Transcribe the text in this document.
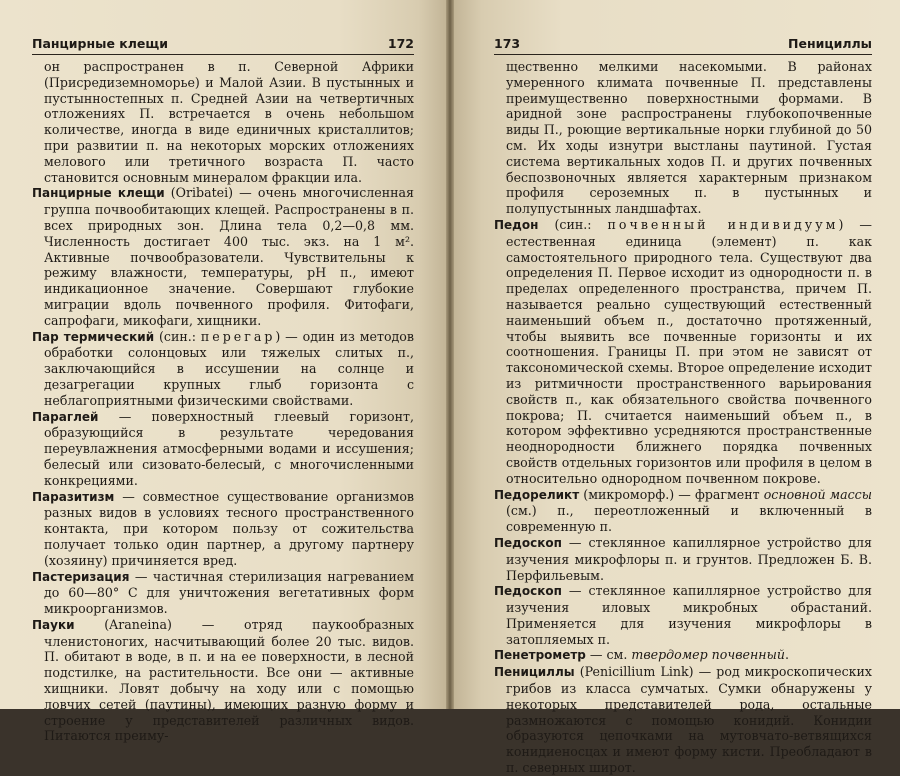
Панцирные клещи	172

он распространен в п. Северной Африки (Присредиземноморье) и Малой Азии. В пустынных и пустынностепных п. Средней Азии на четвертичных отложениях П. встречается в очень небольшом количестве, иногда в виде единичных кристаллитов; при развитии п. на некоторых морских отложениях мелового или третичного возраста П. часто становится основным минералом фракции ила.

Панцирные клещи (Oribatei) — очень многочисленная группа почвообитающих клещей. Распространены в п. всех природных зон. Длина тела 0,2—0,8 мм. Численность достигает 400 тыс. экз. на 1 м². Активные почвообразователи. Чувствительны к режиму влажности, температуры, pH п., имеют индикационное значение. Совершают глубокие миграции вдоль почвенного профиля. Фитофаги, сапрофаги, микофаги, хищники.

Пар термический (син.: перегар) — один из методов обработки солонцовых или тяжелых слитых п., заключающийся в иссушении на солнце и дезагрегации крупных глыб горизонта с неблагоприятными физическими свойствами.

Параглей — поверхностный глеевый горизонт, образующийся в результате чередования переувлажнения атмосферными водами и иссушения; белесый или сизовато-белесый, с многочисленными конкрециями.

Паразитизм — совместное существование организмов разных видов в условиях тесного пространственного контакта, при котором пользу от сожительства получает только один партнер, а другому партнеру (хозяину) причиняется вред.

Пастеризация — частичная стерилизация нагреванием до 60—80° С для уничтожения вегетативных форм микроорганизмов.

Пауки (Araneina) — отряд паукообразных членистоногих, насчитывающий более 20 тыс. видов. П. обитают в воде, в п. и на ее поверхности, в лесной подстилке, на растительности. Все они — активные хищники. Ловят добычу на ходу или с помощью ловчих сетей (паутины), имеющих разную форму и строение у представителей различных видов. Питаются преиму-

173	Пенициллы

щественно мелкими насекомыми. В районах умеренного климата почвенные П. представлены преимущественно поверхностными формами. В аридной зоне распространены глубокопочвенные виды П., роющие вертикальные норки глубиной до 50 см. Их ходы изнутри выстланы паутиной. Густая система вертикальных ходов П. и других почвенных беспозвоночных является характерным признаком профиля сероземных п. в пустынных и полупустынных ландшафтах.

Педон (син.: почвенный индивидуум) — естественная единица (элемент) п. как самостоятельного природного тела. Существуют два определения П. Первое исходит из однородности п. в пределах определенного пространства, причем П. называется реально существующий естественный наименьший объем п., достаточно протяженный, чтобы выявить все почвенные горизонты и их соотношения. Границы П. при этом не зависят от таксономической схемы. Второе определение исходит из ритмичности пространственного варьирования свойств п., как обязательного свойства почвенного покрова; П. считается наименьший объем п., в котором эффективно усредняются пространственные неоднородности ближнего порядка почвенных свойств отдельных горизонтов или профиля в целом в относительно однородном почвенном покрове.

Педореликт (микроморф.) — фрагмент основной массы (см.) п., переотложенный и включенный в современную п.

Педоскоп — стеклянное капиллярное устройство для изучения микрофлоры п. и грунтов. Предложен Б. В. Перфильевым.

Педоскоп — стеклянное капиллярное устройство для изучения иловых микробных обрастаний. Применяется для изучения микрофлоры в затопляемых п.

Пенетрометр — см. твердомер почвенный.

Пенициллы (Penicillium Link) — род микроскопических грибов из класса сумчатых. Сумки обнаружены у некоторых представителей рода, остальные размножаются с помощью конидий. Конидии образуются цепочками на мутовчато-ветвящихся конидиеносцах и имеют форму кисти. Преобладают в п. северных широт.
